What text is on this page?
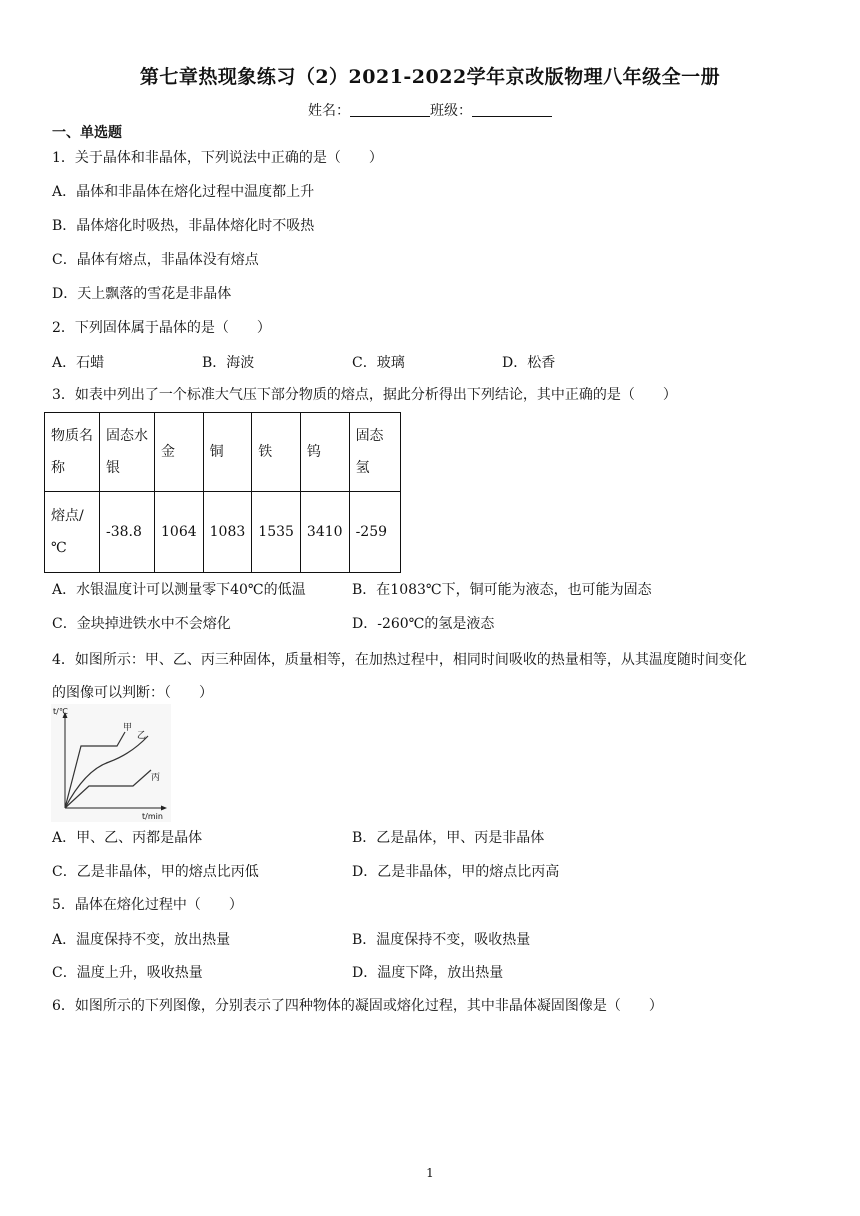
第七章热现象练习（2）2021-2022学年京改版物理八年级全一册
姓名：	班级：
一、单选题
1．关于晶体和非晶体，下列说法中正确的是（　　）
A．晶体和非晶体在熔化过程中温度都上升
B．晶体熔化时吸热，非晶体熔化时不吸热
C．晶体有熔点，非晶体没有熔点
D．天上飘落的雪花是非晶体
2．下列固体属于晶体的是（　　）
A．石蜡	B．海波	C．玻璃	D．松香
3．如表中列出了一个标准大气压下部分物质的熔点，据此分析得出下列结论，其中正确的是（　　）
物质名称	固态水银	金	铜	铁	钨	固态氢
熔点/℃	-38.8	1064	1083	1535	3410	-259
A．水银温度计可以测量零下40℃的低温	B．在1083℃下，铜可能为液态，也可能为固态
C．金块掉进铁水中不会熔化	D．-260℃的氢是液态
4．如图所示：甲、乙、丙三种固体，质量相等，在加热过程中，相同时间吸收的热量相等，从其温度随时间变化
的图像可以判断：（　　）
t/℃
t/min
甲
乙
丙
A．甲、乙、丙都是晶体	B．乙是晶体，甲、丙是非晶体
C．乙是非晶体，甲的熔点比丙低	D．乙是非晶体，甲的熔点比丙高
5．晶体在熔化过程中（　　）
A．温度保持不变，放出热量	B．温度保持不变，吸收热量
C．温度上升，吸收热量	D．温度下降，放出热量
6．如图所示的下列图像，分别表示了四种物体的凝固或熔化过程，其中非晶体凝固图像是（　　）
1
